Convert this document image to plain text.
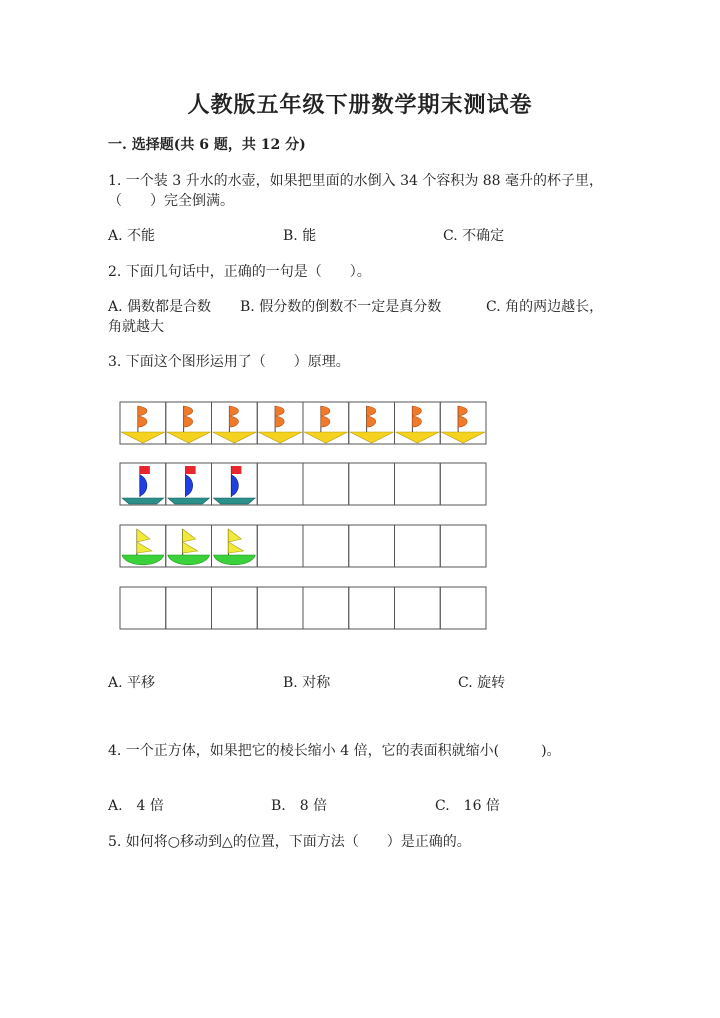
人教版五年级下册数学期末测试卷
一. 选择题(共 6 题，共 12 分)
1. 一个装 3 升水的水壶，如果把里面的水倒入 34 个容积为 88 毫升的杯子里，
（　　）完全倒满。
A. 不能	B. 能	C. 不确定
2. 下面几句话中，正确的一句是（　　）。
A. 偶数都是合数 B. 假分数的倒数不一定是真分数	C. 角的两边越长，
角就越大
3. 下面这个图形运用了（　　）原理。
A. 平移	B. 对称	C. 旋转
4. 一个正方体，如果把它的棱长缩小 4 倍，它的表面积就缩小(　　　)。
A.　4 倍	B.　8 倍	C.　16 倍
5. 如何将○移动到△的位置，下面方法（　　）是正确的。
